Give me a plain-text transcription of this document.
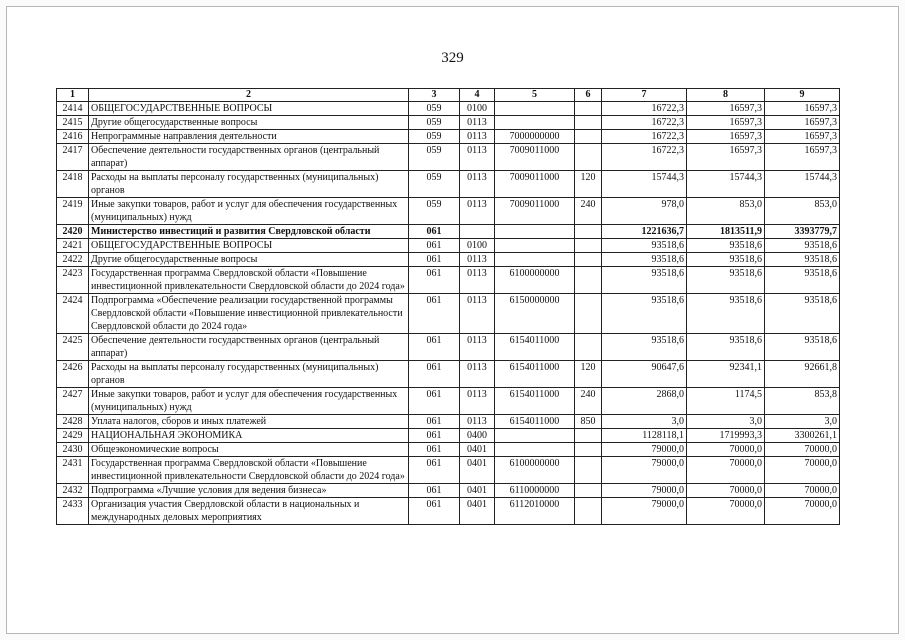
329
1	2	3	4	5	6	7	8	9
2414	ОБЩЕГОСУДАРСТВЕННЫЕ ВОПРОСЫ	059	0100			16722,3	16597,3	16597,3
2415	Другие общегосударственные вопросы	059	0113			16722,3	16597,3	16597,3
2416	Непрограммные направления деятельности	059	0113	7000000000		16722,3	16597,3	16597,3
2417	Обеспечение деятельности государственных органов (центральный аппарат)	059	0113	7009011000		16722,3	16597,3	16597,3
2418	Расходы на выплаты персоналу государственных (муниципальных) органов	059	0113	7009011000	120	15744,3	15744,3	15744,3
2419	Иные закупки товаров, работ и услуг для обеспечения государственных (муниципальных) нужд	059	0113	7009011000	240	978,0	853,0	853,0
2420	Министерство инвестиций и развития Свердловской области	061				1221636,7	1813511,9	3393779,7
2421	ОБЩЕГОСУДАРСТВЕННЫЕ ВОПРОСЫ	061	0100			93518,6	93518,6	93518,6
2422	Другие общегосударственные вопросы	061	0113			93518,6	93518,6	93518,6
2423	Государственная программа Свердловской области «Повышение инвестиционной привлекательности Свердловской области до 2024 года»	061	0113	6100000000		93518,6	93518,6	93518,6
2424	Подпрограмма «Обеспечение реализации государственной программы Свердловской области «Повышение инвестиционной привлекательности Свердловской области до 2024 года»	061	0113	6150000000		93518,6	93518,6	93518,6
2425	Обеспечение деятельности государственных органов (центральный аппарат)	061	0113	6154011000		93518,6	93518,6	93518,6
2426	Расходы на выплаты персоналу государственных (муниципальных) органов	061	0113	6154011000	120	90647,6	92341,1	92661,8
2427	Иные закупки товаров, работ и услуг для обеспечения государственных (муниципальных) нужд	061	0113	6154011000	240	2868,0	1174,5	853,8
2428	Уплата налогов, сборов и иных платежей	061	0113	6154011000	850	3,0	3,0	3,0
2429	НАЦИОНАЛЬНАЯ ЭКОНОМИКА	061	0400			1128118,1	1719993,3	3300261,1
2430	Общеэкономические вопросы	061	0401			79000,0	70000,0	70000,0
2431	Государственная программа Свердловской области «Повышение инвестиционной привлекательности Свердловской области до 2024 года»	061	0401	6100000000		79000,0	70000,0	70000,0
2432	Подпрограмма «Лучшие условия для ведения бизнеса»	061	0401	6110000000		79000,0	70000,0	70000,0
2433	Организация участия Свердловской области в национальных и международных деловых мероприятиях	061	0401	6112010000		79000,0	70000,0	70000,0
